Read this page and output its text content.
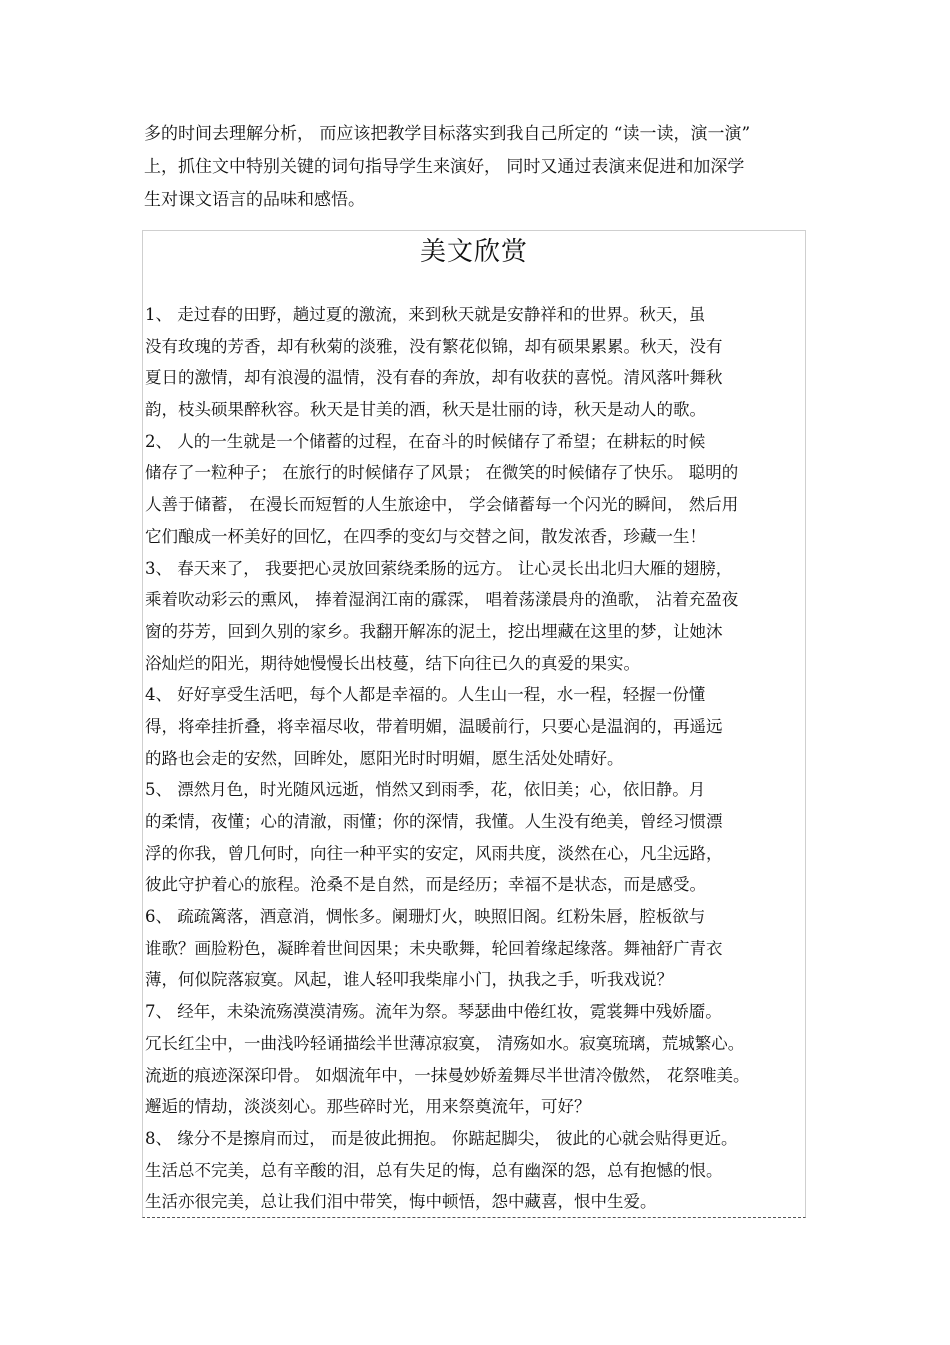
多的时间去理解分析， 而应该把教学目标落实到我自己所定的 “读一读，演一演”
上，抓住文中特别关键的词句指导学生来演好， 同时又通过表演来促进和加深学
生对课文语言的品味和感悟。
美文欣赏
1、 走过春的田野，趟过夏的激流，来到秋天就是安静祥和的世界。秋天，虽
没有玫瑰的芳香，却有秋菊的淡雅，没有繁花似锦，却有硕果累累。秋天，没有
夏日的激情，却有浪漫的温情，没有春的奔放，却有收获的喜悦。清风落叶舞秋
韵，枝头硕果醉秋容。秋天是甘美的酒，秋天是壮丽的诗，秋天是动人的歌。
2、 人的一生就是一个储蓄的过程，在奋斗的时候储存了希望；在耕耘的时候
储存了一粒种子； 在旅行的时候储存了风景； 在微笑的时候储存了快乐。 聪明的
人善于储蓄， 在漫长而短暂的人生旅途中， 学会储蓄每一个闪光的瞬间， 然后用
它们酿成一杯美好的回忆，在四季的变幻与交替之间，散发浓香，珍藏一生！
3、 春天来了， 我要把心灵放回萦绕柔肠的远方。 让心灵长出北归大雁的翅膀，
乘着吹动彩云的熏风， 捧着湿润江南的霡霂， 唱着荡漾晨舟的渔歌， 沾着充盈夜
窗的芬芳，回到久别的家乡。我翻开解冻的泥土，挖出埋藏在这里的梦，让她沐
浴灿烂的阳光，期待她慢慢长出枝蔓，结下向往已久的真爱的果实。
4、 好好享受生活吧，每个人都是幸福的。人生山一程，水一程，轻握一份懂
得，将牵挂折叠，将幸福尽收，带着明媚，温暖前行，只要心是温润的，再遥远
的路也会走的安然，回眸处，愿阳光时时明媚，愿生活处处晴好。
5、 漂然月色，时光随风远逝，悄然又到雨季，花，依旧美；心，依旧静。月
的柔情，夜懂；心的清澈，雨懂；你的深情，我懂。人生没有绝美，曾经习惯漂
浮的你我，曾几何时，向往一种平实的安定，风雨共度，淡然在心，凡尘远路，
彼此守护着心的旅程。沧桑不是自然，而是经历；幸福不是状态，而是感受。
6、 疏疏篱落，酒意消，惆怅多。阑珊灯火，映照旧阁。红粉朱唇，腔板欲与
谁歌？画脸粉色，凝眸着世间因果；未央歌舞，轮回着缘起缘落。舞袖舒广青衣
薄，何似院落寂寞。风起，谁人轻叩我柴扉小门，执我之手，听我戏说？
7、 经年，未染流殇漠漠清殇。流年为祭。琴瑟曲中倦红妆，霓裳舞中残娇靥。
冗长红尘中，一曲浅吟轻诵描绘半世薄凉寂寞， 清殇如水。寂寞琉璃，荒城繁心。
流逝的痕迹深深印骨。 如烟流年中，一抹曼妙娇羞舞尽半世清冷傲然， 花祭唯美。
邂逅的情劫，淡淡刻心。那些碎时光，用来祭奠流年，可好？
8、 缘分不是擦肩而过， 而是彼此拥抱。 你踮起脚尖， 彼此的心就会贴得更近。
生活总不完美，总有辛酸的泪，总有失足的悔，总有幽深的怨，总有抱憾的恨。
生活亦很完美，总让我们泪中带笑，悔中顿悟，怨中藏喜，恨中生爱。
